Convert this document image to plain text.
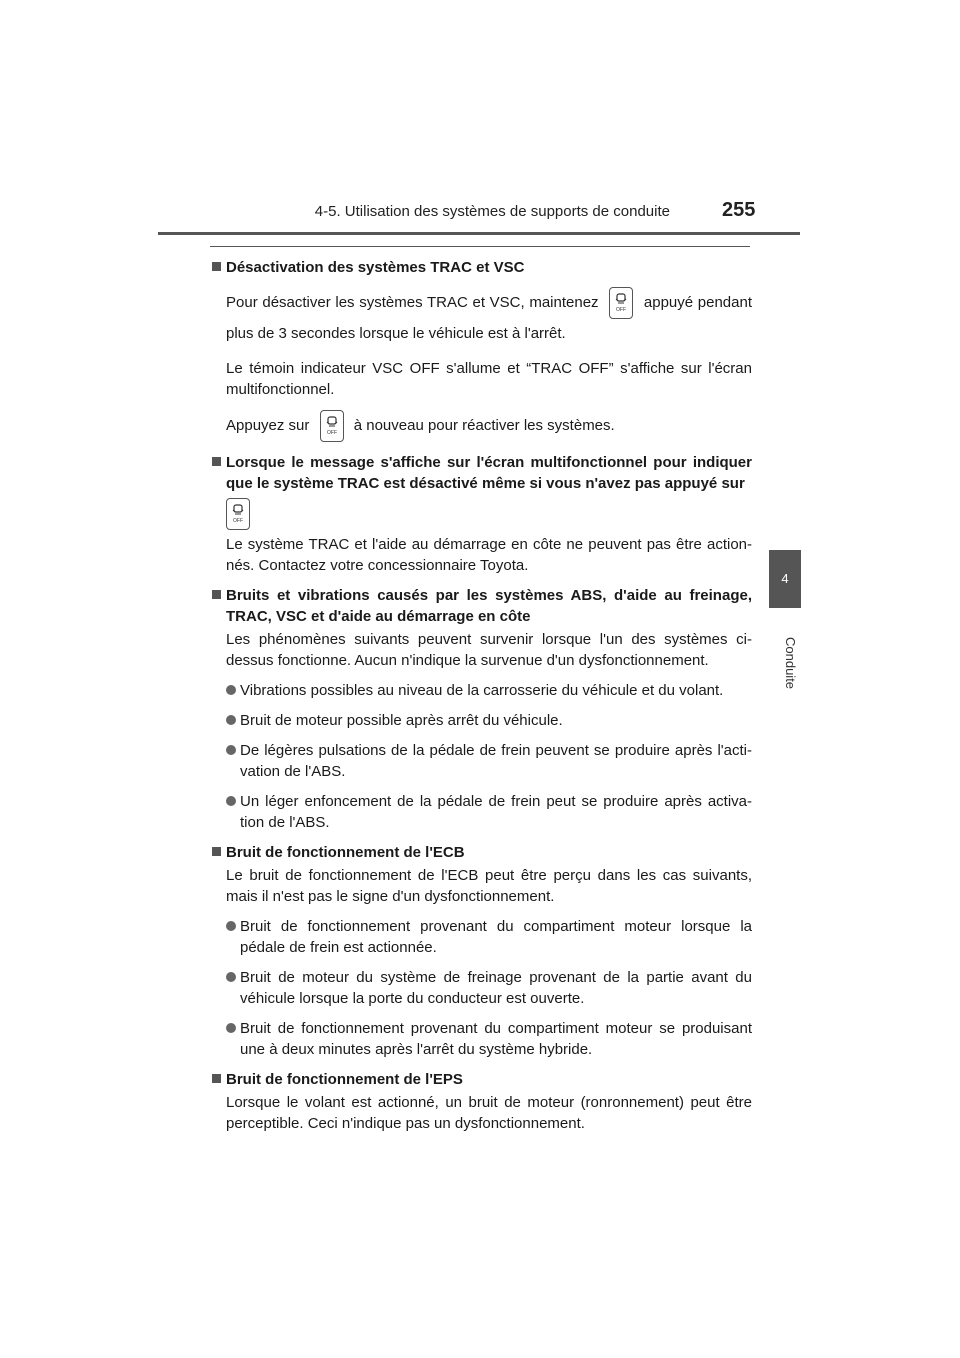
4-5. Utilisation des systèmes de supports de conduite	255
4
Conduite
Désactivation des systèmes TRAC et VSC
Pour désactiver les systèmes TRAC et VSC, maintenez	OFF appuyé pendant plus de 3 secondes lorsque le véhicule est à l'arrêt.
Le témoin indicateur VSC OFF s'allume et “TRAC OFF” s'affiche sur l'écran multifonctionnel.
Appuyez sur	OFF à nouveau pour réactiver les systèmes.
Lorsque le message s'affiche sur l'écran multifonctionnel pour indiquer que le système TRAC est désactivé même si vous n'avez pas appuyé sur
OFF
Le système TRAC et l'aide au démarrage en côte ne peuvent pas être action-nés. Contactez votre concessionnaire Toyota.
Bruits et vibrations causés par les systèmes ABS, d'aide au freinage, TRAC, VSC et d'aide au démarrage en côte
Les phénomènes suivants peuvent survenir lorsque l'un des systèmes ci-dessus fonctionne. Aucun n'indique la survenue d'un dysfonctionnement.
Vibrations possibles au niveau de la carrosserie du véhicule et du volant.
Bruit de moteur possible après arrêt du véhicule.
De légères pulsations de la pédale de frein peuvent se produire après l'acti-vation de l'ABS.
Un léger enfoncement de la pédale de frein peut se produire après activa-tion de l'ABS.
Bruit de fonctionnement de l'ECB
Le bruit de fonctionnement de l'ECB peut être perçu dans les cas suivants, mais il n'est pas le signe d'un dysfonctionnement.
Bruit de fonctionnement provenant du compartiment moteur lorsque la pédale de frein est actionnée.
Bruit de moteur du système de freinage provenant de la partie avant du véhicule lorsque la porte du conducteur est ouverte.
Bruit de fonctionnement provenant du compartiment moteur se produisant une à deux minutes après l'arrêt du système hybride.
Bruit de fonctionnement de l'EPS
Lorsque le volant est actionné, un bruit de moteur (ronronnement) peut être perceptible. Ceci n'indique pas un dysfonctionnement.
